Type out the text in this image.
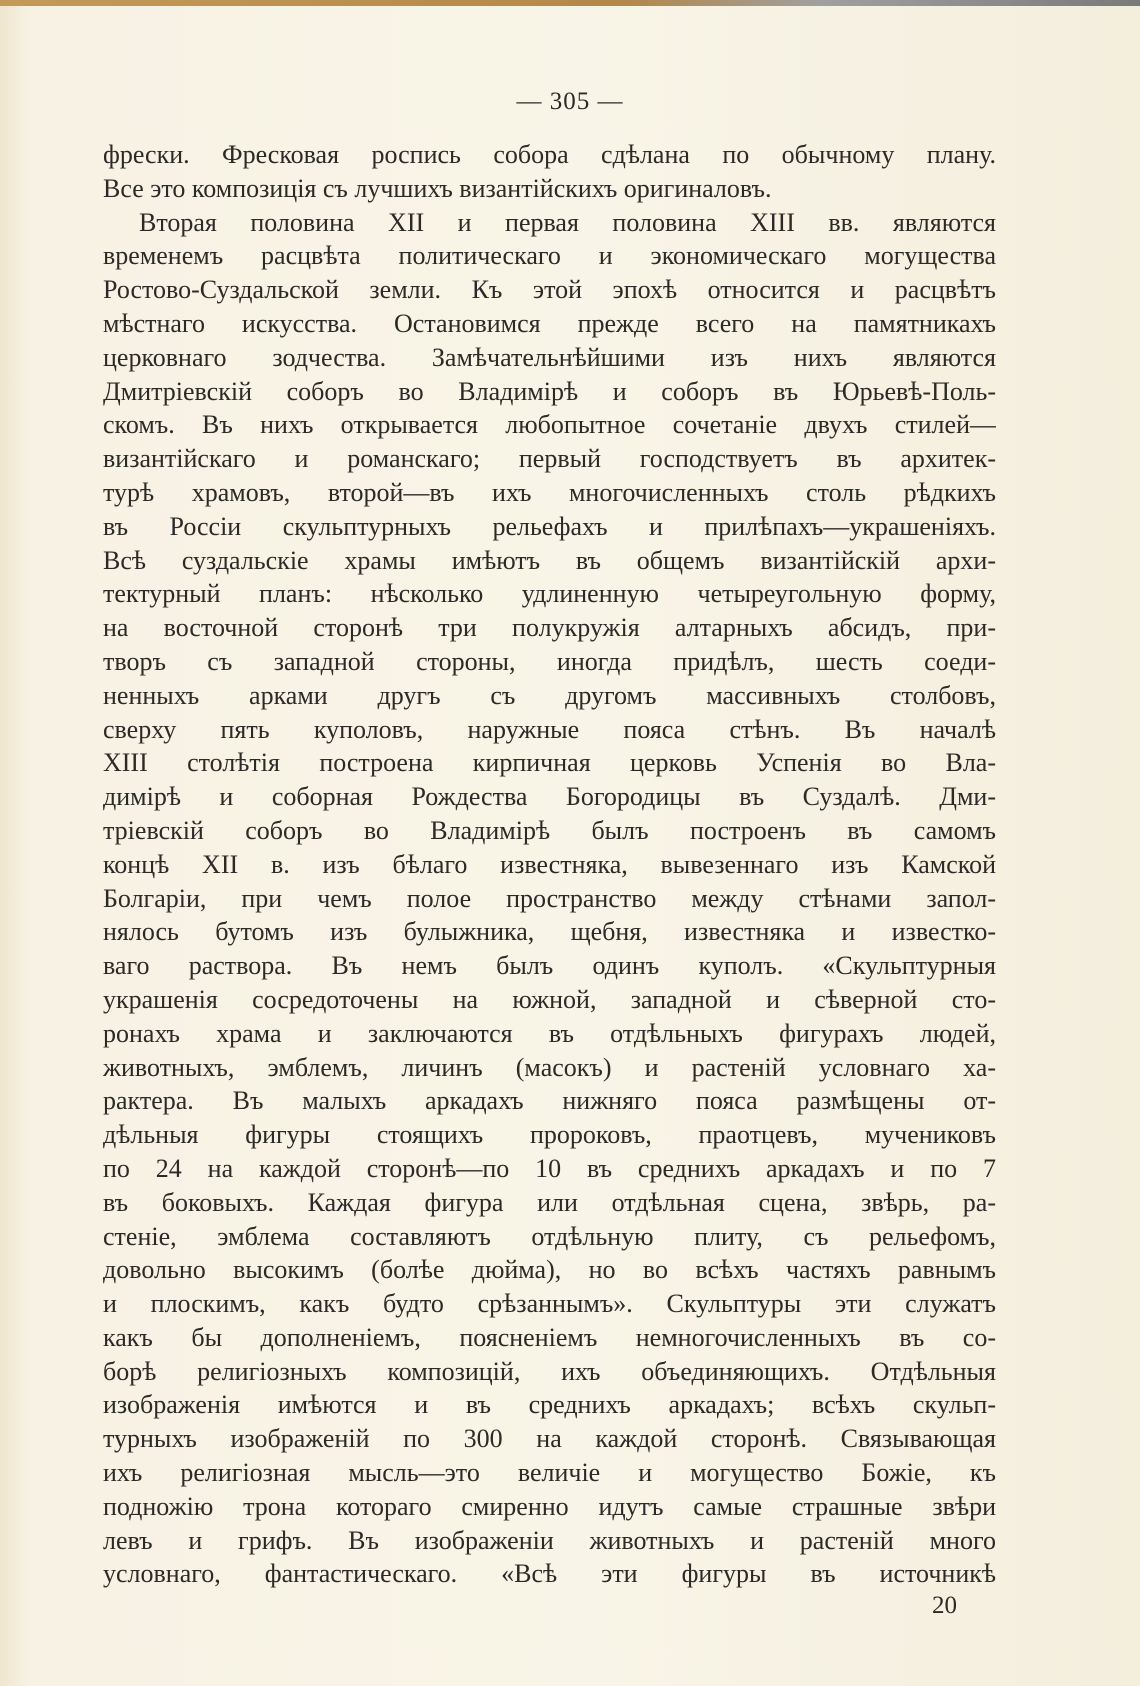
— 305 —
фрески. Фресковая роспись собора сдѣлана по обычному плану.
Все это композиція съ лучшихъ византійскихъ оригиналовъ.
Вторая половина XII и первая половина XIII вв. являются
временемъ расцвѣта политическаго и экономическаго могущества
Ростово-Суздальской земли. Къ этой эпохѣ относится и расцвѣтъ
мѣстнаго искусства. Остановимся прежде всего на памятникахъ
церковнаго зодчества. Замѣчательнѣйшими изъ нихъ являются
Дмитріевскій соборъ во Владимірѣ и соборъ въ Юрьевѣ-Поль-
скомъ. Въ нихъ открывается любопытное сочетаніе двухъ стилей—
византійскаго и романскаго; первый господствуетъ въ архитек-
турѣ храмовъ, второй—въ ихъ многочисленныхъ столь рѣдкихъ
въ Россіи скульптурныхъ рельефахъ и прилѣпахъ—украшеніяхъ.
Всѣ суздальскіе храмы имѣютъ въ общемъ византійскій архи-
тектурный планъ: нѣсколько удлиненную четыреугольную форму,
на восточной сторонѣ три полукружія алтарныхъ абсидъ, при-
творъ съ западной стороны, иногда придѣлъ, шесть соеди-
ненныхъ арками другъ съ другомъ массивныхъ столбовъ,
сверху пять куполовъ, наружные пояса стѣнъ. Въ началѣ
XIII столѣтія построена кирпичная церковь Успенія во Вла-
димірѣ и соборная Рождества Богородицы въ Суздалѣ. Дми-
тріевскій соборъ во Владимірѣ былъ построенъ въ самомъ
концѣ XII в. изъ бѣлаго известняка, вывезеннаго изъ Камской
Болгаріи, при чемъ полое пространство между стѣнами запол-
нялось бутомъ изъ булыжника, щебня, известняка и известко-
ваго раствора. Въ немъ былъ одинъ куполъ. «Скульптурныя
украшенія сосредоточены на южной, западной и сѣверной сто-
ронахъ храма и заключаются въ отдѣльныхъ фигурахъ людей,
животныхъ, эмблемъ, личинъ (масокъ) и растеній условнаго ха-
рактера. Въ малыхъ аркадахъ нижняго пояса размѣщены от-
дѣльныя фигуры стоящихъ пророковъ, праотцевъ, мучениковъ
по 24 на каждой сторонѣ—по 10 въ среднихъ аркадахъ и по 7
въ боковыхъ. Каждая фигура или отдѣльная сцена, звѣрь, ра-
стеніе, эмблема составляютъ отдѣльную плиту, съ рельефомъ,
довольно высокимъ (болѣе дюйма), но во всѣхъ частяхъ равнымъ
и плоскимъ, какъ будто срѣзаннымъ». Скульптуры эти служатъ
какъ бы дополненіемъ, поясненіемъ немногочисленныхъ въ со-
борѣ религіозныхъ композицій, ихъ объединяющихъ. Отдѣльныя
изображенія имѣются и въ среднихъ аркадахъ; всѣхъ скульп-
турныхъ изображеній по 300 на каждой сторонѣ. Связывающая
ихъ религіозная мысль—это величіе и могущество Божіе, къ
подножію трона котораго смиренно идутъ самые страшные звѣри
левъ и грифъ. Въ изображеніи животныхъ и растеній много
условнаго, фантастическаго. «Всѣ эти фигуры въ источникѣ
20
